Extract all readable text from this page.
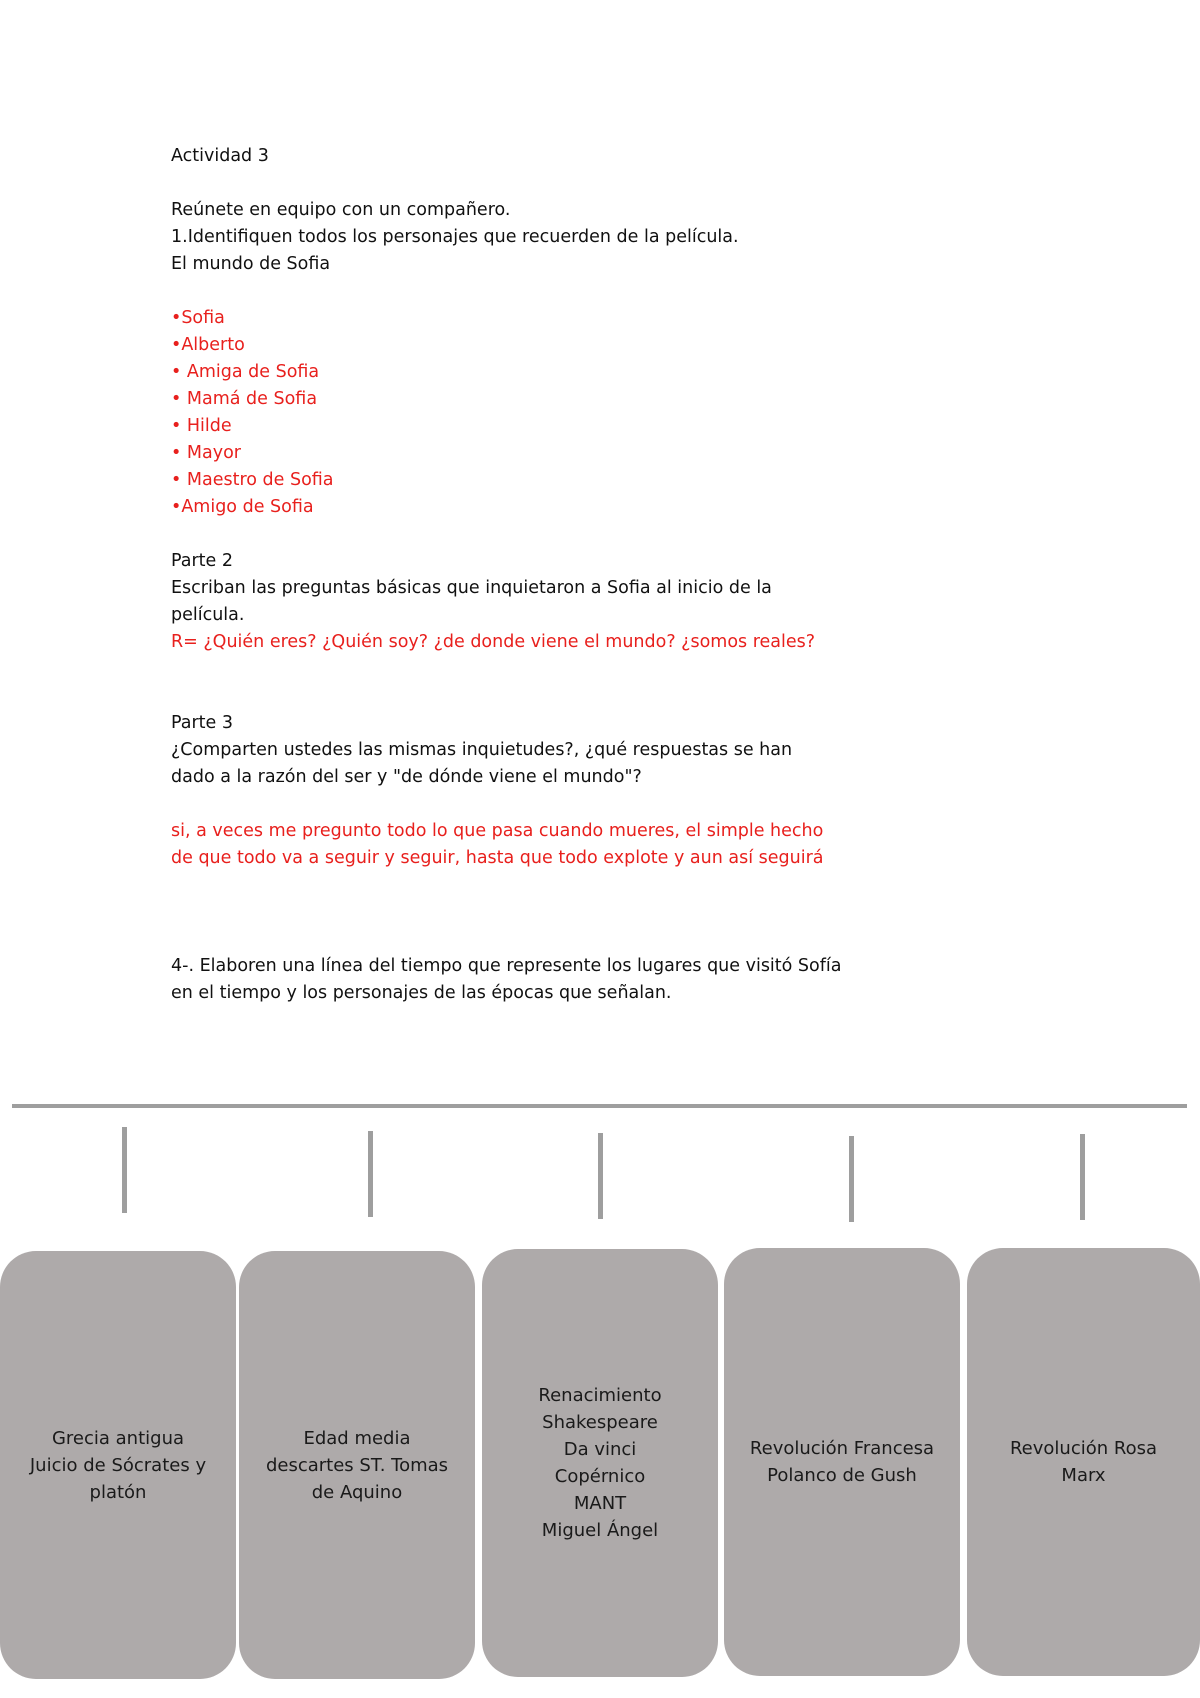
Actividad 3

Reúnete en equipo con un compañero.

1.Identifiquen todos los personajes que recuerden de la película.

El mundo de Sofia

•Sofia

•Alberto

• Amiga de Sofia

• Mamá de Sofia

• Hilde

• Mayor

• Maestro de Sofia

•Amigo de Sofia

Parte 2

Escriban las preguntas básicas que inquietaron a Sofia al inicio de la

película.

R= ¿Quién eres? ¿Quién soy? ¿de donde viene el mundo? ¿somos reales?

Parte 3

¿Comparten ustedes las mismas inquietudes?, ¿qué respuestas se han

dado a la razón del ser y "de dónde viene el mundo"?

si, a veces me pregunto todo lo que pasa cuando mueres, el simple hecho

de que todo va a seguir y seguir, hasta que todo explote y aun así seguirá

4-. Elaboren una línea del tiempo que represente los lugares que visitó Sofía

en el tiempo y los personajes de las épocas que señalan.

Grecia antigua
Juicio de Sócrates y
platón
Edad media
descartes ST. Tomas
de Aquino
Renacimiento
Shakespeare
Da vinci
Copérnico
MANT
Miguel Ángel
Revolución Francesa
Polanco de Gush
Revolución Rosa
Marx
